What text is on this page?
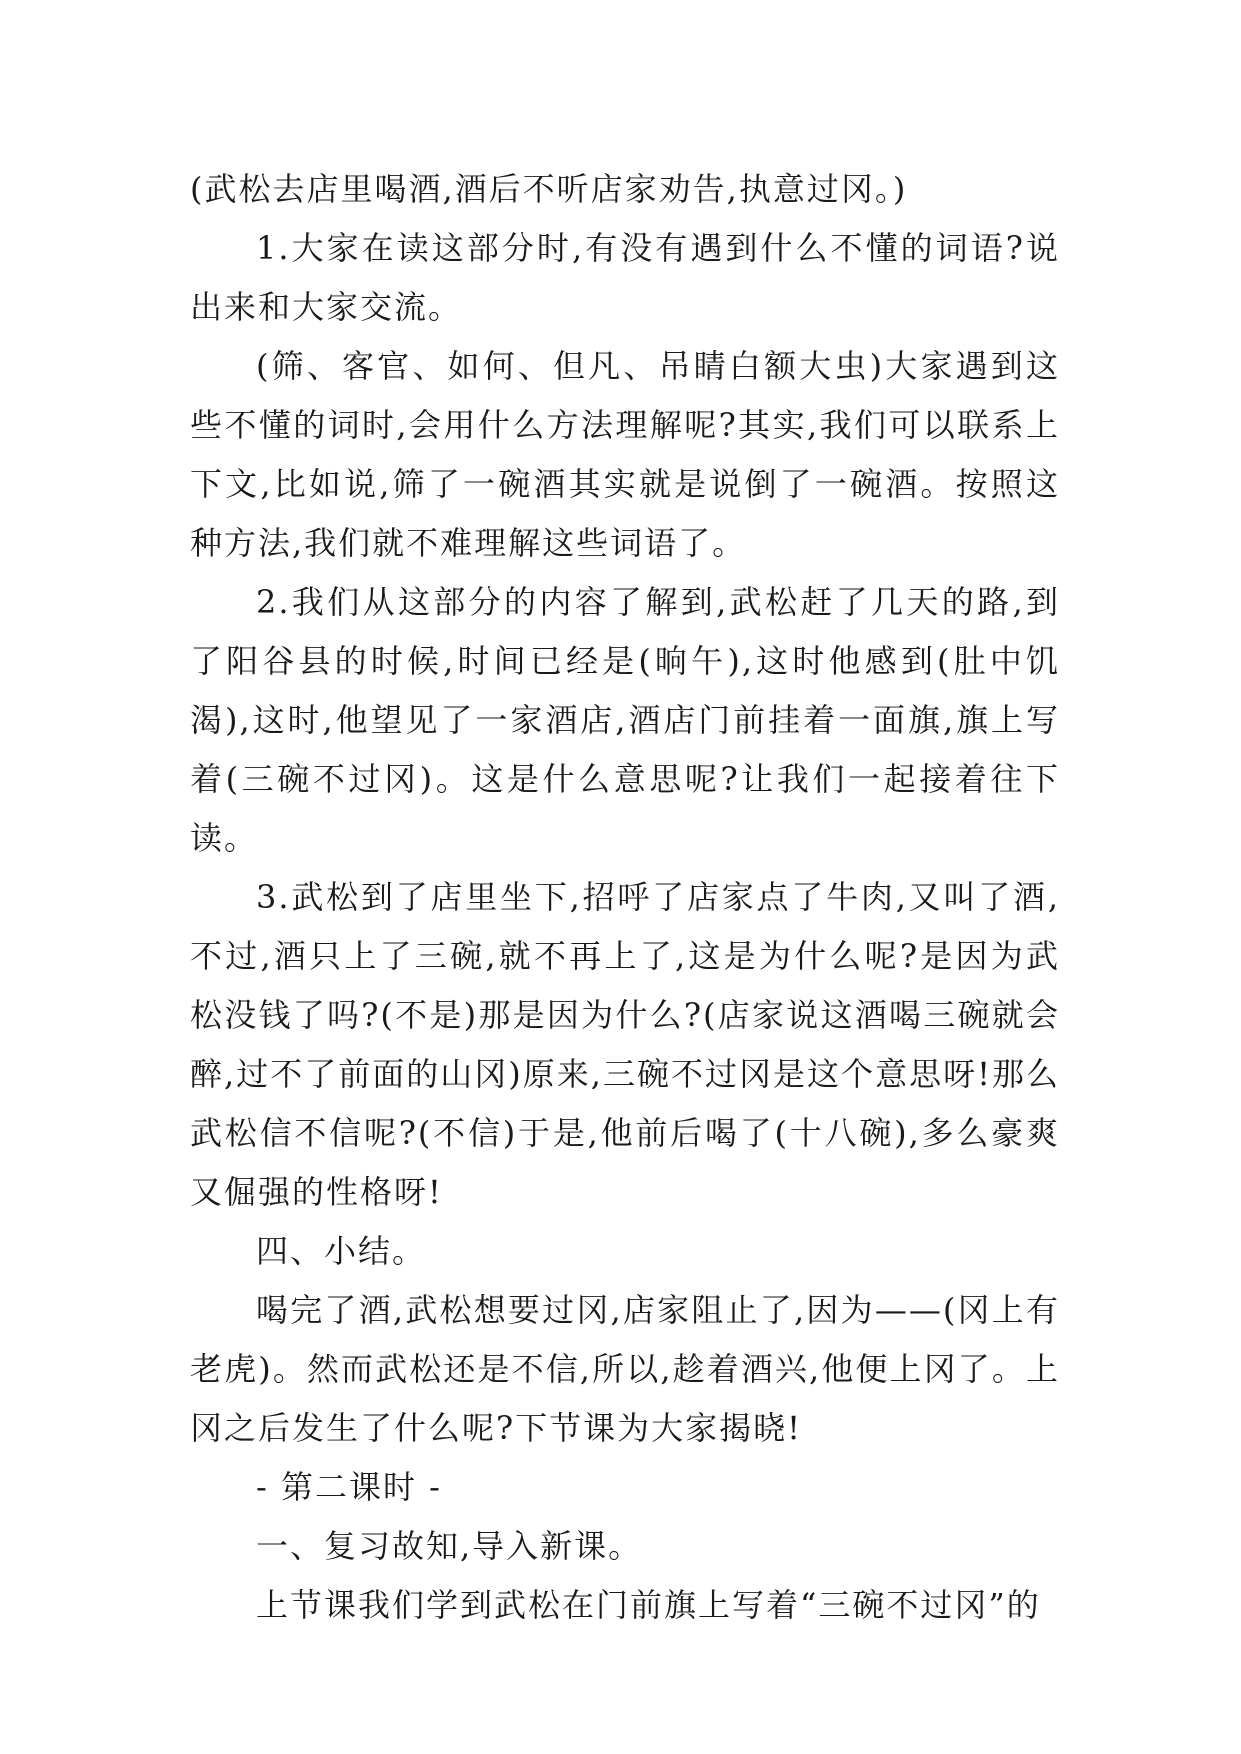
(武松去店里喝酒,酒后不听店家劝告,执意过冈。)

1.大家在读这部分时,有没有遇到什么不懂的词语?说出来和大家交流。

(筛、客官、如何、但凡、吊睛白额大虫)大家遇到这些不懂的词时,会用什么方法理解呢?其实,我们可以联系上下文,比如说,筛了一碗酒其实就是说倒了一碗酒。按照这种方法,我们就不难理解这些词语了。

2.我们从这部分的内容了解到,武松赶了几天的路,到了阳谷县的时候,时间已经是(晌午),这时他感到(肚中饥渴),这时,他望见了一家酒店,酒店门前挂着一面旗,旗上写着(三碗不过冈)。这是什么意思呢?让我们一起接着往下读。

3.武松到了店里坐下,招呼了店家点了牛肉,又叫了酒,不过,酒只上了三碗,就不再上了,这是为什么呢?是因为武松没钱了吗?(不是)那是因为什么?(店家说这酒喝三碗就会醉,过不了前面的山冈)原来,三碗不过冈是这个意思呀!那么武松信不信呢?(不信)于是,他前后喝了(十八碗),多么豪爽又倔强的性格呀!

四、小结。

喝完了酒,武松想要过冈,店家阻止了,因为——(冈上有老虎)。然而武松还是不信,所以,趁着酒兴,他便上冈了。上冈之后发生了什么呢?下节课为大家揭晓!

- 第二课时 -

一、复习故知,导入新课。

上节课我们学到武松在门前旗上写着“三碗不过冈”的
